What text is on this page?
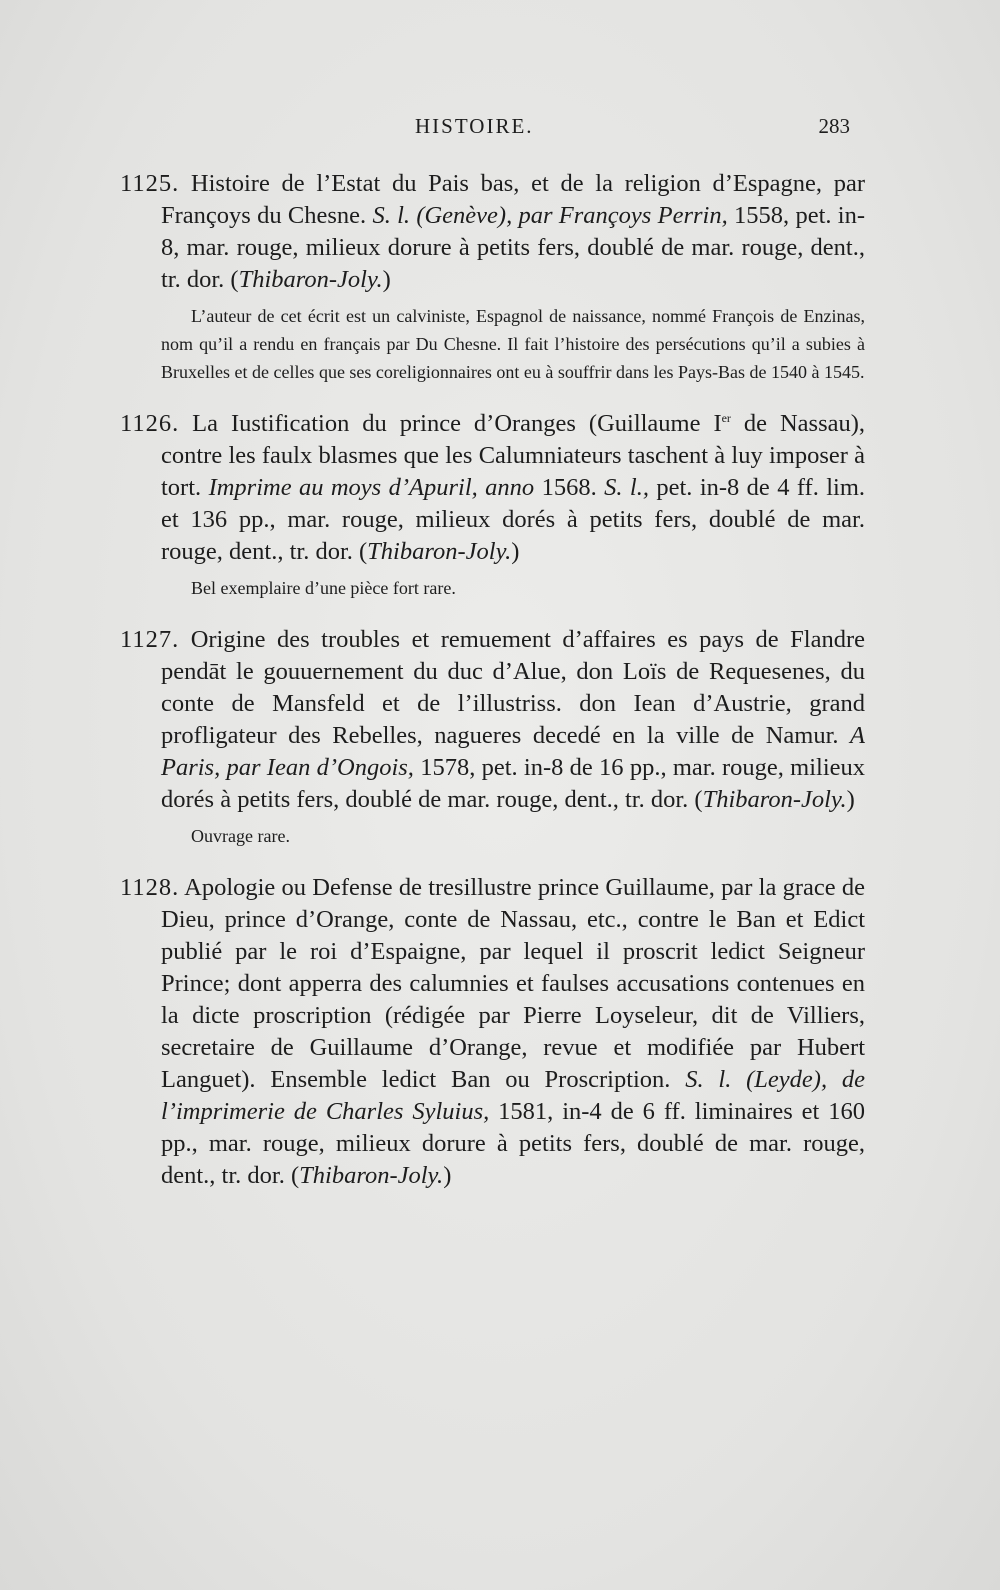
HISTOIRE.	283

1125. Histoire de l’Estat du Pais bas, et de la religion d’Espagne, par Françoys du Chesne. S. l. (Genève), par Françoys Perrin, 1558, pet. in-8, mar. rouge, milieux dorure à petits fers, doublé de mar. rouge, dent., tr. dor. (Thibaron-Joly.)

L’auteur de cet écrit est un calviniste, Espagnol de naissance, nommé François de Enzinas, nom qu’il a rendu en français par Du Chesne. Il fait l’histoire des persécutions qu’il a subies à Bruxelles et de celles que ses coreligionnaires ont eu à souffrir dans les Pays-Bas de 1540 à 1545.

1126. La Iustification du prince d’Oranges (Guillaume Ier de Nassau), contre les faulx blasmes que les Calumniateurs taschent à luy imposer à tort. Imprime au moys d’Apuril, anno 1568. S. l., pet. in-8 de 4 ff. lim. et 136 pp., mar. rouge, milieux dorés à petits fers, doublé de mar. rouge, dent., tr. dor. (Thibaron-Joly.)

Bel exemplaire d’une pièce fort rare.

1127. Origine des troubles et remuement d’affaires es pays de Flandre pendāt le gouuernement du duc d’Alue, don Loïs de Requesenes, du conte de Mansfeld et de l’illustriss. don Iean d’Austrie, grand profligateur des Rebelles, nagueres decedé en la ville de Namur. A Paris, par Iean d’Ongois, 1578, pet. in-8 de 16 pp., mar. rouge, milieux dorés à petits fers, doublé de mar. rouge, dent., tr. dor. (Thibaron-Joly.)

Ouvrage rare.

1128. Apologie ou Defense de tresillustre prince Guillaume, par la grace de Dieu, prince d’Orange, conte de Nassau, etc., contre le Ban et Edict publié par le roi d’Espaigne, par lequel il proscrit ledict Seigneur Prince; dont apperra des calumnies et faulses accusations contenues en la dicte proscription (rédigée par Pierre Loyseleur, dit de Villiers, secretaire de Guillaume d’Orange, revue et modifiée par Hubert Languet). Ensemble ledict Ban ou Proscription. S. l. (Leyde), de l’imprimerie de Charles Syluius, 1581, in-4 de 6 ff. liminaires et 160 pp., mar. rouge, milieux dorure à petits fers, doublé de mar. rouge, dent., tr. dor. (Thibaron-Joly.)
